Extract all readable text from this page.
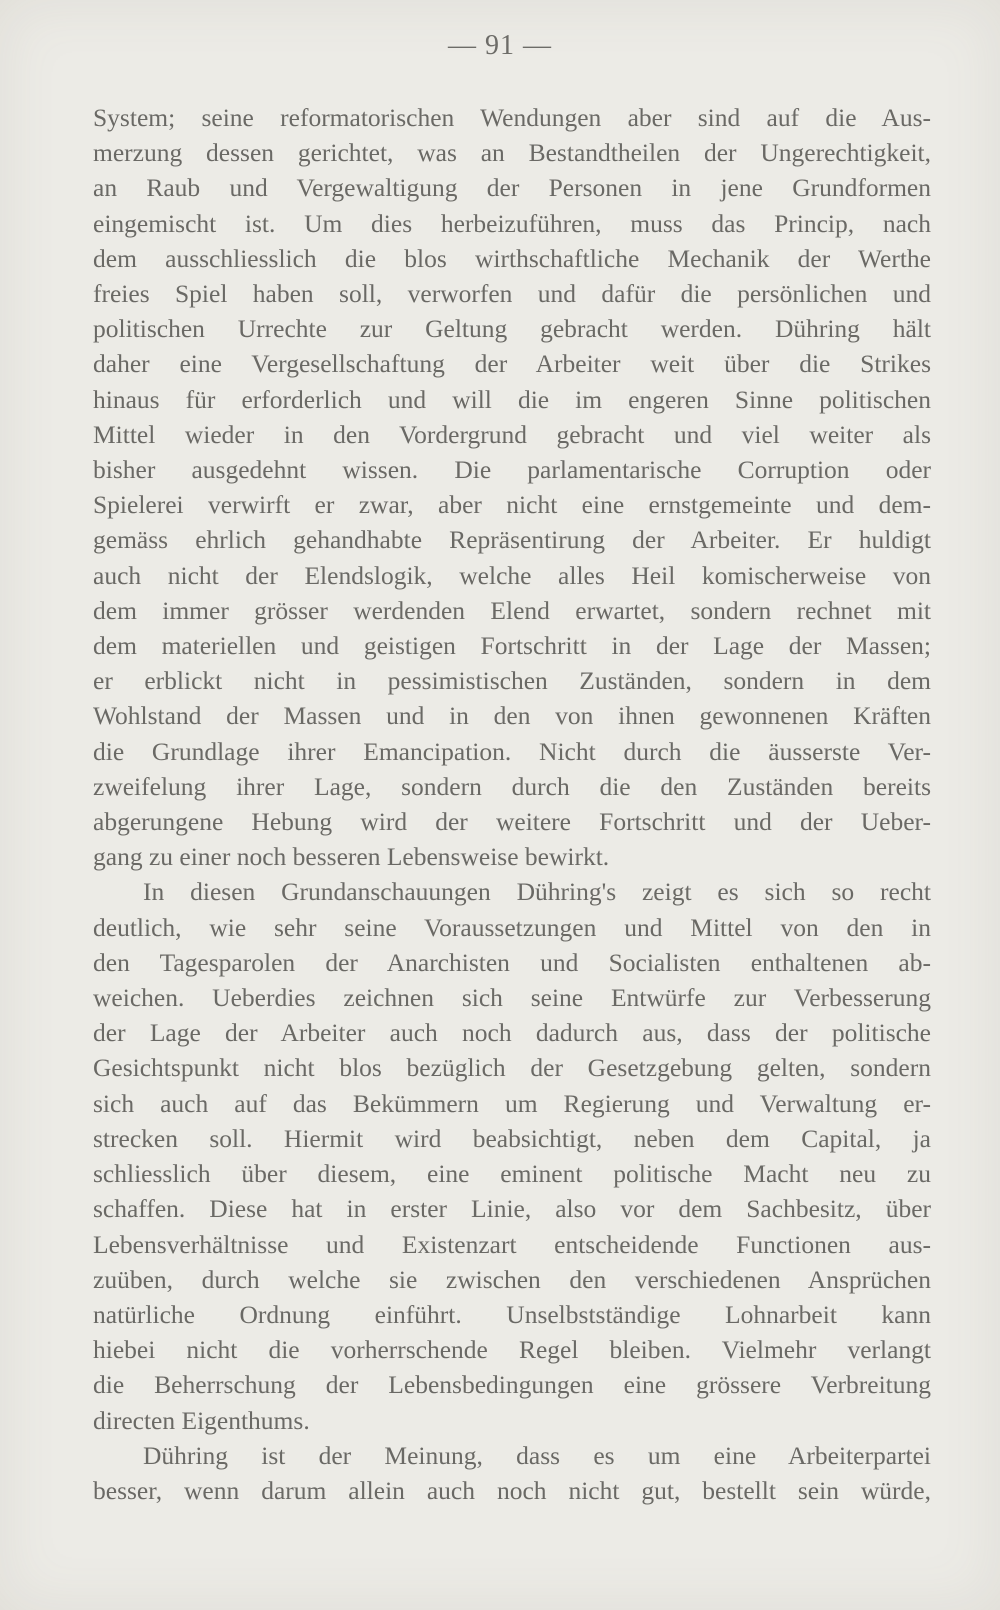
— 91 —
System; seine reformatorischen Wendungen aber sind auf die Aus-
merzung dessen gerichtet, was an Bestandtheilen der Ungerechtigkeit,
an Raub und Vergewaltigung der Personen in jene Grundformen
eingemischt ist. Um dies herbeizuführen, muss das Princip, nach
dem ausschliesslich die blos wirthschaftliche Mechanik der Werthe
freies Spiel haben soll, verworfen und dafür die persönlichen und
politischen Urrechte zur Geltung gebracht werden. Dühring hält
daher eine Vergesellschaftung der Arbeiter weit über die Strikes
hinaus für erforderlich und will die im engeren Sinne politischen
Mittel wieder in den Vordergrund gebracht und viel weiter als
bisher ausgedehnt wissen. Die parlamentarische Corruption oder
Spielerei verwirft er zwar, aber nicht eine ernstgemeinte und dem-
gemäss ehrlich gehandhabte Repräsentirung der Arbeiter. Er huldigt
auch nicht der Elendslogik, welche alles Heil komischerweise von
dem immer grösser werdenden Elend erwartet, sondern rechnet mit
dem materiellen und geistigen Fortschritt in der Lage der Massen;
er erblickt nicht in pessimistischen Zuständen, sondern in dem
Wohlstand der Massen und in den von ihnen gewonnenen Kräften
die Grundlage ihrer Emancipation. Nicht durch die äusserste Ver-
zweifelung ihrer Lage, sondern durch die den Zuständen bereits
abgerungene Hebung wird der weitere Fortschritt und der Ueber-
gang zu einer noch besseren Lebensweise bewirkt.
In diesen Grundanschauungen Dühring's zeigt es sich so recht
deutlich, wie sehr seine Voraussetzungen und Mittel von den in
den Tagesparolen der Anarchisten und Socialisten enthaltenen ab-
weichen. Ueberdies zeichnen sich seine Entwürfe zur Verbesserung
der Lage der Arbeiter auch noch dadurch aus, dass der politische
Gesichtspunkt nicht blos bezüglich der Gesetzgebung gelten, sondern
sich auch auf das Bekümmern um Regierung und Verwaltung er-
strecken soll. Hiermit wird beabsichtigt, neben dem Capital, ja
schliesslich über diesem, eine eminent politische Macht neu zu
schaffen. Diese hat in erster Linie, also vor dem Sachbesitz, über
Lebensverhältnisse und Existenzart entscheidende Functionen aus-
zuüben, durch welche sie zwischen den verschiedenen Ansprüchen
natürliche Ordnung einführt. Unselbstständige Lohnarbeit kann
hiebei nicht die vorherrschende Regel bleiben. Vielmehr verlangt
die Beherrschung der Lebensbedingungen eine grössere Verbreitung
directen Eigenthums.
Dühring ist der Meinung, dass es um eine Arbeiterpartei
besser, wenn darum allein auch noch nicht gut, bestellt sein würde,
